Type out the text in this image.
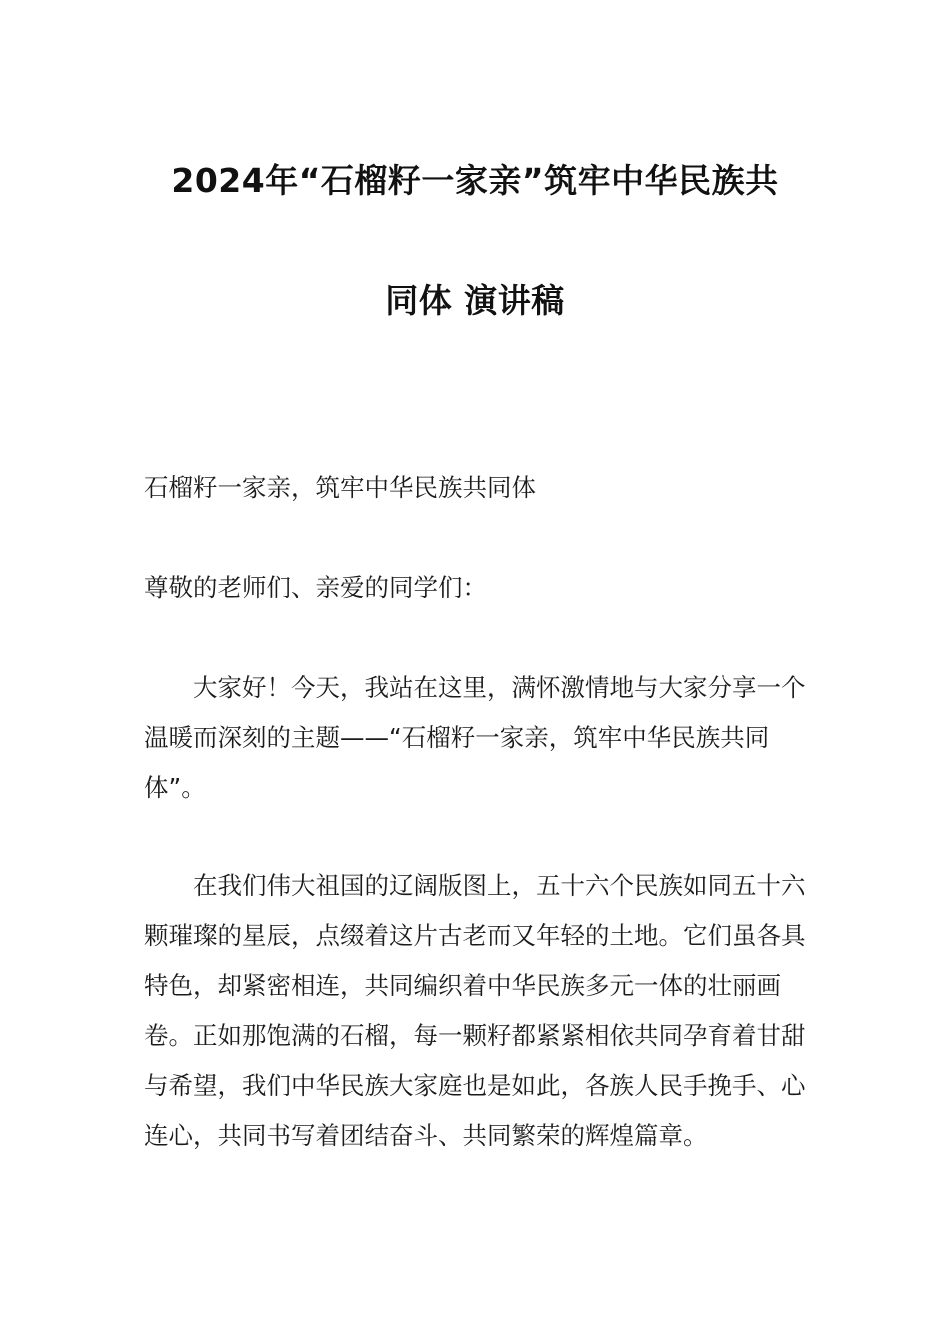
2024年“石榴籽一家亲”筑牢中华民族共
同体 演讲稿
石榴籽一家亲，筑牢中华民族共同体
尊敬的老师们、亲爱的同学们：
大家好！今天，我站在这里，满怀激情地与大家分享一个温暖而深刻的主题——“石榴籽一家亲，筑牢中华民族共同体”。
在我们伟大祖国的辽阔版图上，五十六个民族如同五十六颗璀璨的星辰，点缀着这片古老而又年轻的土地。它们虽各具特色，却紧密相连，共同编织着中华民族多元一体的壮丽画卷。正如那饱满的石榴，每一颗籽都紧紧相依共同孕育着甘甜与希望，我们中华民族大家庭也是如此，各族人民手挽手、心连心，共同书写着团结奋斗、共同繁荣的辉煌篇章。
